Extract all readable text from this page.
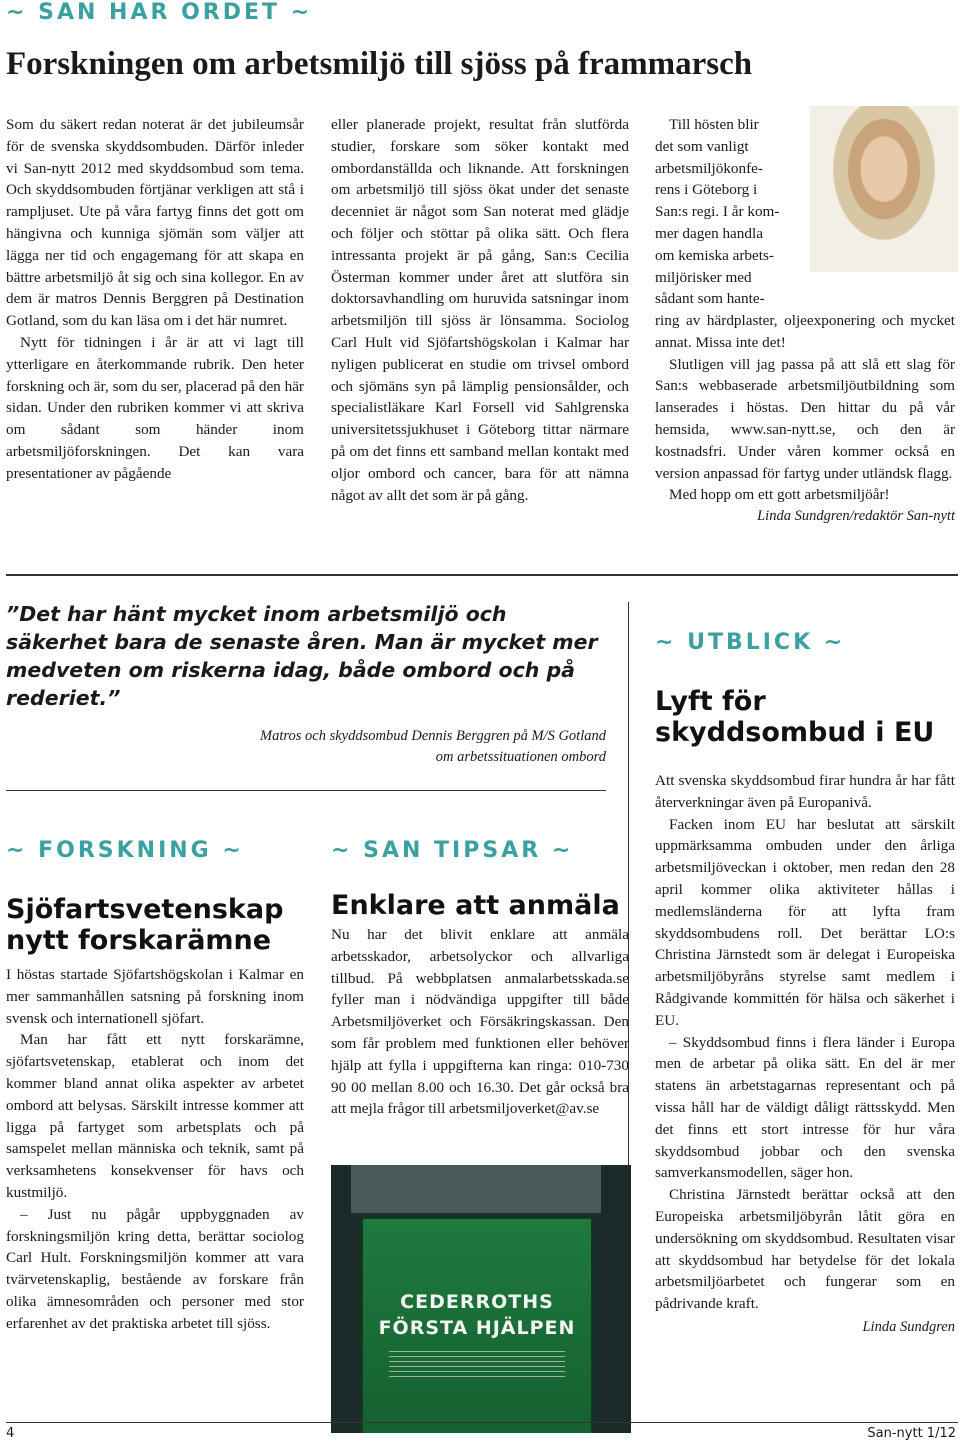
~ SAN HAR ORDET ~
Forskningen om arbetsmiljö till sjöss på frammarsch

Som du säkert redan noterat är det jubileumsår för de svenska skyddsombuden. Därför inleder vi San-nytt 2012 med skyddsombud som tema. Och skyddsombuden förtjänar verkligen att stå i rampljuset. Ute på våra fartyg finns det gott om hängivna och kunniga sjömän som väljer att lägga ner tid och engagemang för att skapa en bättre arbetsmiljö åt sig och sina kollegor. En av dem är matros Dennis Berggren på Destination Gotland, som du kan läsa om i det här numret.

Nytt för tidningen i år är att vi lagt till ytterligare en återkommande rubrik. Den heter forskning och är, som du ser, placerad på den här sidan. Under den rubriken kommer vi att skriva om sådant som händer inom arbetsmiljöforskningen. Det kan vara presentationer av pågående

eller planerade projekt, resultat från slutförda studier, forskare som söker kontakt med ombordanställda och liknande. Att forskningen om arbetsmiljö till sjöss ökat under det senaste decenniet är något som San noterat med glädje och följer och stöttar på olika sätt. Och flera intressanta projekt är på gång, San:s Cecilia Österman kommer under året att slutföra sin doktorsavhandling om huruvida satsningar inom arbetsmiljön till sjöss är lönsamma. Sociolog Carl Hult vid Sjöfartshögskolan i Kalmar har nyligen publicerat en studie om trivsel ombord och sjömäns syn på lämplig pensionsålder, och specialistläkare Karl Forsell vid Sahlgrenska universitetssjukhuset i Göteborg tittar närmare på om det finns ett samband mellan kontakt med oljor ombord och cancer, bara för att nämna något av allt det som är på gång.

Till hösten blir
det som vanligt
arbetsmiljökonfe-
rens i Göteborg i
San:s regi. I år kom-
mer dagen handla
om kemiska arbets-
miljörisker med
sådant som hante-

ring av härdplaster, oljeexponering och mycket annat. Missa inte det!

Slutligen vill jag passa på att slå ett slag för San:s webbaserade arbetsmiljöutbildning som lanserades i höstas. Den hittar du på vår hemsida, www.san-nytt.se, och den är kostnadsfri. Under våren kommer också en version anpassad för fartyg under utländsk flagg.

Med hopp om ett gott arbetsmiljöår!

Linda Sundgren/redaktör San-nytt
”Det har hänt mycket inom arbetsmiljö och säkerhet bara de senaste åren. Man är mycket mer medveten om riskerna idag, både ombord och på rederiet.”
Matros och skyddsombud Dennis Berggren på M/S Gotland
om arbetssituationen ombord
~ FORSKNING ~
Sjöfartsvetenskap nytt forskarämne

I höstas startade Sjöfartshögskolan i Kalmar en mer sammanhållen satsning på forskning inom svensk och internationell sjöfart.

Man har fått ett nytt forskarämne, sjöfartsvetenskap, etablerat och inom det kommer bland annat olika aspekter av arbetet ombord att belysas. Särskilt intresse kommer att ligga på fartyget som arbetsplats och på samspelet mellan människa och teknik, samt på verksamhetens konsekvenser för havs och kustmiljö.

– Just nu pågår uppbyggnaden av forskningsmiljön kring detta, berättar sociolog Carl Hult. Forskningsmiljön kommer att vara tvärvetenskaplig, bestående av forskare från olika ämnesområden och personer med stor erfarenhet av det praktiska arbetet till sjöss.

~ SAN TIPSAR ~
Enklare att anmäla

Nu har det blivit enklare att anmäla arbetsskador, arbetsolyckor och allvarliga tillbud. På webbplatsen anmalarbetsskada.se fyller man i nödvändiga uppgifter till både Arbetsmiljöverket och Försäkringskassan. Den som får problem med funktionen eller behöver hjälp att fylla i uppgifterna kan ringa: 010-730 90 00 mellan 8.00 och 16.30. Det går också bra att mejla frågor till arbetsmiljoverket@av.se

CEDERROTHS
FÖRSTA HJÄLPEN
~ UTBLICK ~
Lyft för skyddsombud i EU

Att svenska skyddsombud firar hundra år har fått återverkningar även på Europanivå.

Facken inom EU har beslutat att särskilt uppmärksamma ombuden under den årliga arbetsmiljöveckan i oktober, men redan den 28 april kommer olika aktiviteter hållas i medlemsländerna för att lyfta fram skyddsombudens roll. Det berättar LO:s Christina Järnstedt som är delegat i Europeiska arbetsmiljöbyråns styrelse samt medlem i Rådgivande kommittén för hälsa och säkerhet i EU.

– Skyddsombud finns i flera länder i Europa men de arbetar på olika sätt. En del är mer statens än arbetstagarnas representant och på vissa håll har de väldigt dåligt rättsskydd. Men det finns ett stort intresse för hur våra skyddsombud jobbar och den svenska samverkansmodellen, säger hon.

Christina Järnstedt berättar också att den Europeiska arbetsmiljöbyrån låtit göra en undersökning om skyddsombud. Resultaten visar att skyddsombud har betydelse för det lokala arbetsmiljöarbetet och fungerar som en pådrivande kraft.

Linda Sundgren
4	San-nytt 1/12
